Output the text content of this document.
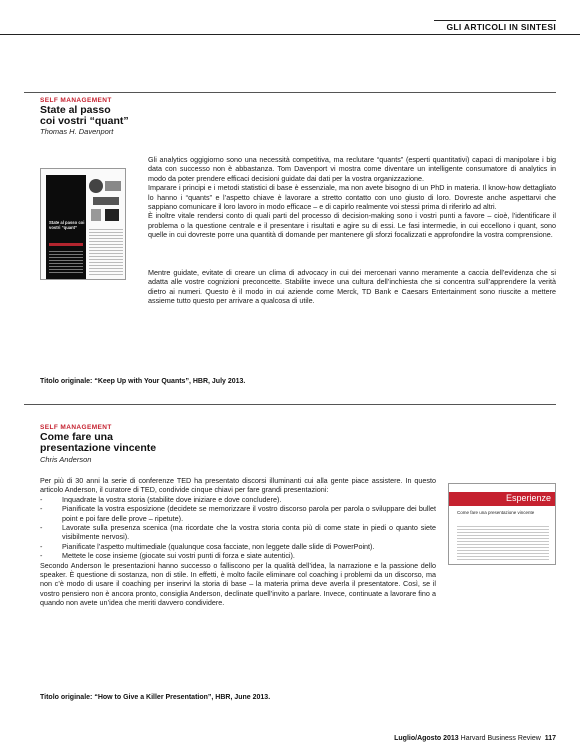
GLI ARTICOLI IN SINTESI
SELF MANAGEMENT
State al passo
coi vostri “quant”
Thomas H. Davenport
State al passo coi vostri “quant”

Gli analytics oggigiorno sono una necessità competitiva, ma reclutare “quants” (esperti quantitativi) capaci di manipolare i big data con successo non è abbastanza. Tom Davenport vi mostra come diventare un intelligente consumatore di analytics in modo da poter prendere efficaci decisioni guidate dai dati per la vostra organizzazione.

Imparare i principi e i metodi statistici di base è essenziale, ma non avete bisogno di un PhD in materia. Il know-how dettagliato lo hanno i “quants” e l’aspetto chiave è lavorare a stretto contatto con uno giusto di loro. Dovreste anche aspettarvi che sappiano comunicare il loro lavoro in modo efficace – e di capirlo realmente voi stessi prima di riferirlo ad altri.

È inoltre vitale rendersi conto di quali parti del processo di decision-making sono i vostri punti a favore – cioè, l’identificare il problema o la questione centrale e il presentare i risultati e agire su di essi. Le fasi intermedie, in cui eccellono i quant, sono quelle in cui dovreste porre una quantità di domande per mantenere gli sforzi focalizzati e approfondire la vostra comprensione.

Mentre guidate, evitate di creare un clima di advocacy in cui dei mercenari vanno meramente a caccia dell’evidenza che si adatta alle vostre cognizioni preconcette. Stabilite invece una cultura dell’inchiesta che si concentra sull’apprendere la verità dietro ai numeri. Questo è il modo in cui aziende come Merck, TD Bank e Caesars Entertainment sono riuscite a mettere assieme tutto questo per arrivare a qualcosa di utile.

Titolo originale: “Keep Up with Your Quants”, HBR, July 2013.
SELF MANAGEMENT
Come fare una
presentazione vincente
Chris Anderson

Per più di 30 anni la serie di conferenze TED ha presentato discorsi illuminanti cui alla gente piace assistere. In questo articolo Anderson, il curatore di TED, condivide cinque chiavi per fare grandi presentazioni:

- Inquadrate la vostra storia (stabilite dove iniziare e dove concludere).
- Pianificate la vostra esposizione (decidete se memorizzare il vostro discorso parola per parola o sviluppare dei bullet point e poi fare delle prove – ripetute).
- Lavorate sulla presenza scenica (ma ricordate che la vostra storia conta più di come state in piedi o quanto siete visibilmente nervosi).
- Pianificate l’aspetto multimediale (qualunque cosa facciate, non leggete dalle slide di PowerPoint).
- Mettete le cose insieme (giocate sui vostri punti di forza e siate autentici).

Secondo Anderson le presentazioni hanno successo o falliscono per la qualità dell’idea, la narrazione e la passione dello speaker. È questione di sostanza, non di stile. In effetti, è molto facile eliminare col coaching i problemi da un discorso, ma non c’è modo di usare il coaching per inserirvi la storia di base – la materia prima deve averla il presentatore. Così, se il vostro pensiero non è ancora pronto, consiglia Anderson, declinate quell’invito a parlare. Invece, continuate a lavorare fino a quando non avete un’idea che meriti davvero condividere.

Esperienze
Come fare una presentazione vincente
Titolo originale: “How to Give a Killer Presentation”, HBR, June 2013.
Luglio/Agosto 2013 Harvard Business Review 117
